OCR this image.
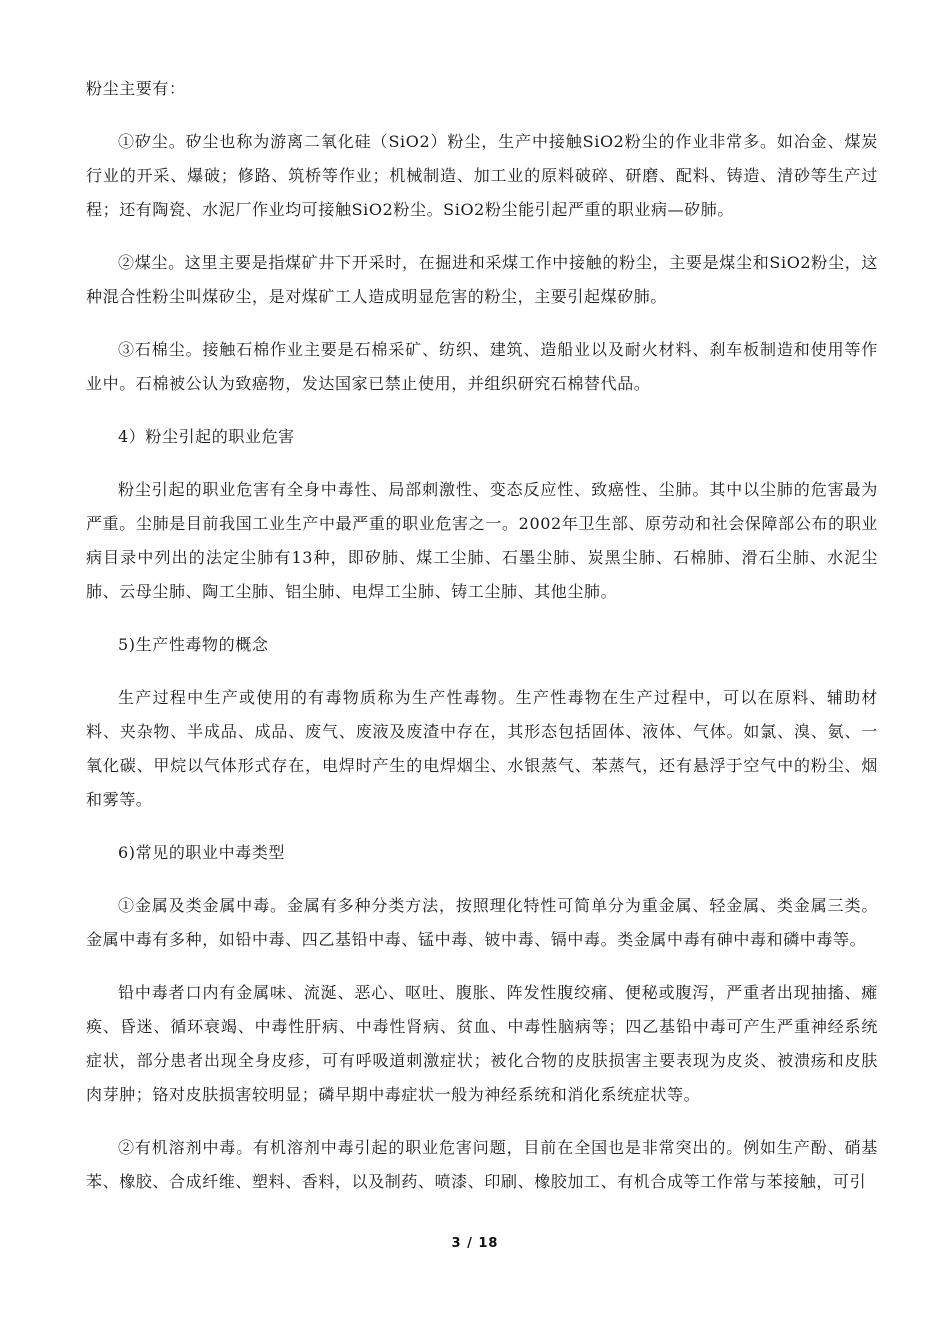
粉尘主要有：

①矽尘。矽尘也称为游离二氧化硅（SiO2）粉尘，生产中接触SiO2粉尘的作业非常多。如冶金、煤炭行业的开采、爆破；修路、筑桥等作业；机械制造、加工业的原料破碎、研磨、配料、铸造、清砂等生产过程；还有陶瓷、水泥厂作业均可接触SiO2粉尘。SiO2粉尘能引起严重的职业病—矽肺。

②煤尘。这里主要是指煤矿井下开采时，在掘进和采煤工作中接触的粉尘，主要是煤尘和SiO2粉尘，这种混合性粉尘叫煤矽尘，是对煤矿工人造成明显危害的粉尘，主要引起煤矽肺。

③石棉尘。接触石棉作业主要是石棉采矿、纺织、建筑、造船业以及耐火材料、刹车板制造和使用等作业中。石棉被公认为致癌物，发达国家已禁止使用，并组织研究石棉替代品。

4）粉尘引起的职业危害

粉尘引起的职业危害有全身中毒性、局部刺激性、变态反应性、致癌性、尘肺。其中以尘肺的危害最为严重。尘肺是目前我国工业生产中最严重的职业危害之一。2002年卫生部、原劳动和社会保障部公布的职业病目录中列出的法定尘肺有13种，即矽肺、煤工尘肺、石墨尘肺、炭黑尘肺、石棉肺、滑石尘肺、水泥尘肺、云母尘肺、陶工尘肺、铝尘肺、电焊工尘肺、铸工尘肺、其他尘肺。

5)生产性毒物的概念

生产过程中生产或使用的有毒物质称为生产性毒物。生产性毒物在生产过程中，可以在原料、辅助材料、夹杂物、半成品、成品、废气、废液及废渣中存在，其形态包括固体、液体、气体。如氯、溴、氨、一氧化碳、甲烷以气体形式存在，电焊时产生的电焊烟尘、水银蒸气、苯蒸气，还有悬浮于空气中的粉尘、烟和雾等。

6)常见的职业中毒类型

①金属及类金属中毒。金属有多种分类方法，按照理化特性可简单分为重金属、轻金属、类金属三类。金属中毒有多种，如铅中毒、四乙基铅中毒、锰中毒、铍中毒、镉中毒。类金属中毒有砷中毒和磷中毒等。

铅中毒者口内有金属味、流涎、恶心、呕吐、腹胀、阵发性腹绞痛、便秘或腹泻，严重者出现抽搐、瘫痪、昏迷、循环衰竭、中毒性肝病、中毒性肾病、贫血、中毒性脑病等；四乙基铅中毒可产生严重神经系统症状，部分患者出现全身皮疹，可有呼吸道刺激症状；被化合物的皮肤损害主要表现为皮炎、被溃疡和皮肤肉芽肿；铬对皮肤损害较明显；磷早期中毒症状一般为神经系统和消化系统症状等。

②有机溶剂中毒。有机溶剂中毒引起的职业危害问题，目前在全国也是非常突出的。例如生产酚、硝基苯、橡胶、合成纤维、塑料、香料，以及制药、喷漆、印刷、橡胶加工、有机合成等工作常与苯接触，可引

3 / 18
